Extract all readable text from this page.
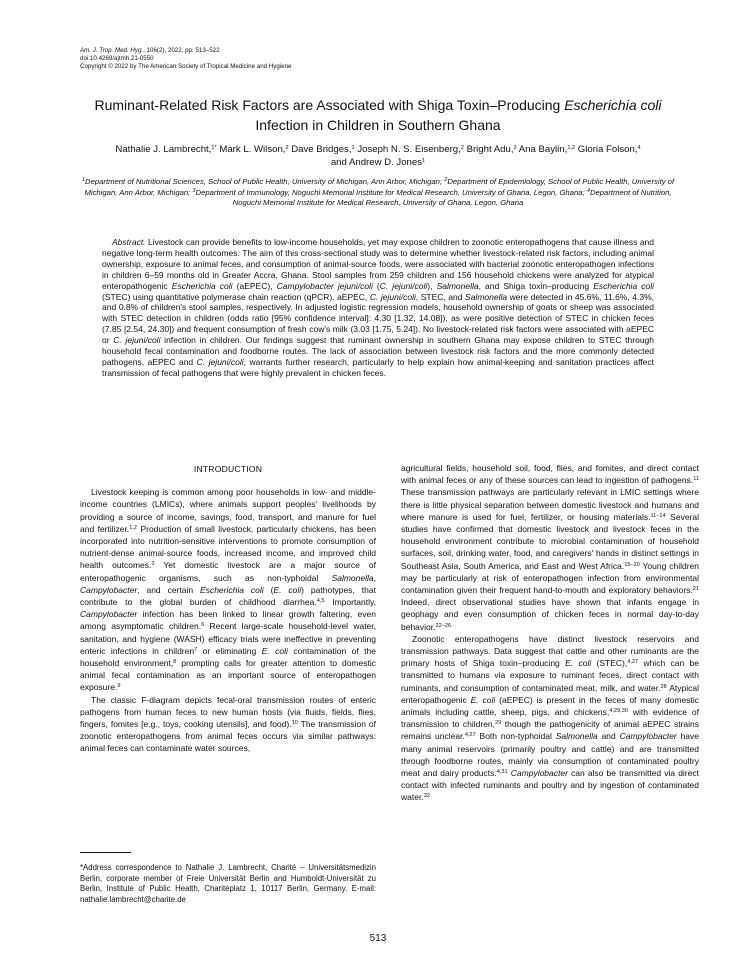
Am. J. Trop. Med. Hyg., 106(2), 2022, pp. 513–522
doi:10.4269/ajtmh.21-0550
Copyright © 2022 by The American Society of Tropical Medicine and Hygiene
Ruminant-Related Risk Factors are Associated with Shiga Toxin–Producing Escherichia coli Infection in Children in Southern Ghana
Nathalie J. Lambrecht,$^{1*}$ Mark L. Wilson,$^2$ Dave Bridges,$^1$ Joseph N. S. Eisenberg,$^2$ Bright Adu,$^3$ Ana Baylin,$^{1,2}$ Gloria Folson,$^4$
and Andrew D. Jones$^1$
$^1$Department of Nutritional Sciences, School of Public Health, University of Michigan, Ann Arbor, Michigan; $^2$Department of Epidemiology, School of Public Health, University of Michigan, Ann Arbor, Michigan; $^3$Department of Immunology, Noguchi Memorial Institute for Medical Research, University of Ghana, Legon, Ghana; $^4$Department of Nutrition, Noguchi Memorial Institute for Medical Research, University of Ghana, Legon, Ghana
Abstract. Livestock can provide benefits to low-income households, yet may expose children to zoonotic enteropathogens that cause illness and negative long-term health outcomes. The aim of this cross-sectional study was to determine whether livestock-related risk factors, including animal ownership, exposure to animal feces, and consumption of animal-source foods, were associated with bacterial zoonotic enteropathogen infections in children 6–59 months old in Greater Accra, Ghana. Stool samples from 259 children and 156 household chickens were analyzed for atypical enteropathogenic Escherichia coli (aEPEC), Campylobacter jejuni/coli (C. jejuni/coli), Salmonella, and Shiga toxin–producing Escherichia coli (STEC) using quantitative polymerase chain reaction (qPCR). aEPEC, C. jejuni/coli, STEC, and Salmonella were detected in 45.6%, 11.6%, 4.3%, and 0.8% of children's stool samples, respectively. In adjusted logistic regression models, household ownership of goats or sheep was associated with STEC detection in children (odds ratio [95% confidence interval]: 4.30 [1.32, 14.08]), as were positive detection of STEC in chicken feces (7.85 [2.54, 24.30]) and frequent consumption of fresh cow's milk (3.03 [1.75, 5.24]). No livestock-related risk factors were associated with aEPEC or C. jejuni/coli infection in children. Our findings suggest that ruminant ownership in southern Ghana may expose children to STEC through household fecal contamination and foodborne routes. The lack of association between livestock risk factors and the more commonly detected pathogens, aEPEC and C. jejuni/coli, warrants further research, particularly to help explain how animal-keeping and sanitation practices affect transmission of fecal pathogens that were highly prevalent in chicken feces.
INTRODUCTION

Livestock keeping is common among poor households in low- and middle-income countries (LMICs), where animals support peoples' livelihoods by providing a source of income, savings, food, transport, and manure for fuel and fertilizer.$^{1,2}$ Production of small livestock, particularly chickens, has been incorporated into nutrition-sensitive interventions to promote consumption of nutrient-dense animal-source foods, increased income, and improved child health outcomes.$^3$ Yet domestic livestock are a major source of enteropathogenic organisms, such as non-typhoidal Salmonella, Campylobacter, and certain Escherichia coli (E. coli) pathotypes, that contribute to the global burden of childhood diarrhea.$^{4,5}$ Importantly, Campylobacter infection has been linked to linear growth faltering, even among asymptomatic children.$^6$ Recent large-scale household-level water, sanitation, and hygiene (WASH) efficacy trials were ineffective in preventing enteric infections in children$^7$ or eliminating E. coli contamination of the household environment,$^8$ prompting calls for greater attention to domestic animal fecal contamination as an important source of enteropathogen exposure.$^9$

The classic F-diagram depicts fecal-oral transmission routes of enteric pathogens from human feces to new human hosts (via fluids, fields, flies, fingers, fomites [e.g., toys, cooking utensils], and food).$^{10}$ The transmission of zoonotic enteropathogens from animal feces occurs via similar pathways: animal feces can contaminate water sources,

agricultural fields, household soil, food, flies, and fomites, and direct contact with animal feces or any of these sources can lead to ingestion of pathogens.$^{11}$ These transmission pathways are particularly relevant in LMIC settings where there is little physical separation between domestic livestock and humans and where manure is used for fuel, fertilizer, or housing materials.$^{11-14}$ Several studies have confirmed that domestic livestock and livestock feces in the household environment contribute to microbial contamination of household surfaces, soil, drinking water, food, and caregivers' hands in distinct settings in Southeast Asia, South America, and East and West Africa.$^{15-20}$ Young children may be particularly at risk of enteropathogen infection from environmental contamination given their frequent hand-to-mouth and exploratory behaviors.$^{21}$ Indeed, direct observational studies have shown that infants engage in geophagy and even consumption of chicken feces in normal day-to-day behavior.$^{22-26}$

Zoonotic enteropathogens have distinct livestock reservoirs and transmission pathways. Data suggest that cattle and other ruminants are the primary hosts of Shiga toxin–producing E. coli (STEC),$^{4,27}$ which can be transmitted to humans via exposure to ruminant feces, direct contact with ruminants, and consumption of contaminated meat, milk, and water.$^{28}$ Atypical enteropathogenic E. coli (aEPEC) is present in the feces of many domestic animals including cattle, sheep, pigs, and chickens,$^{4,29,30}$ with evidence of transmission to children,$^{29}$ though the pathogenicity of animal aEPEC strains remains unclear.$^{4,27}$ Both non-typhoidal Salmonella and Campylobacter have many animal reservoirs (primarily poultry and cattle) and are transmitted through foodborne routes, mainly via consumption of contaminated poultry meat and dairy products.$^{4,31}$ Campylobacter can also be transmitted via direct contact with infected ruminants and poultry and by ingestion of contaminated water.$^{32}$

*Address correspondence to Nathalie J. Lambrecht, Charité – Universitätsmedizin Berlin, corporate member of Freie Universität Berlin and Humboldt-Universität zu Berlin, Institute of Public Health, Charitéplatz 1, 10117 Berlin, Germany. E-mail: nathalie.lambrecht@charite.de
513
